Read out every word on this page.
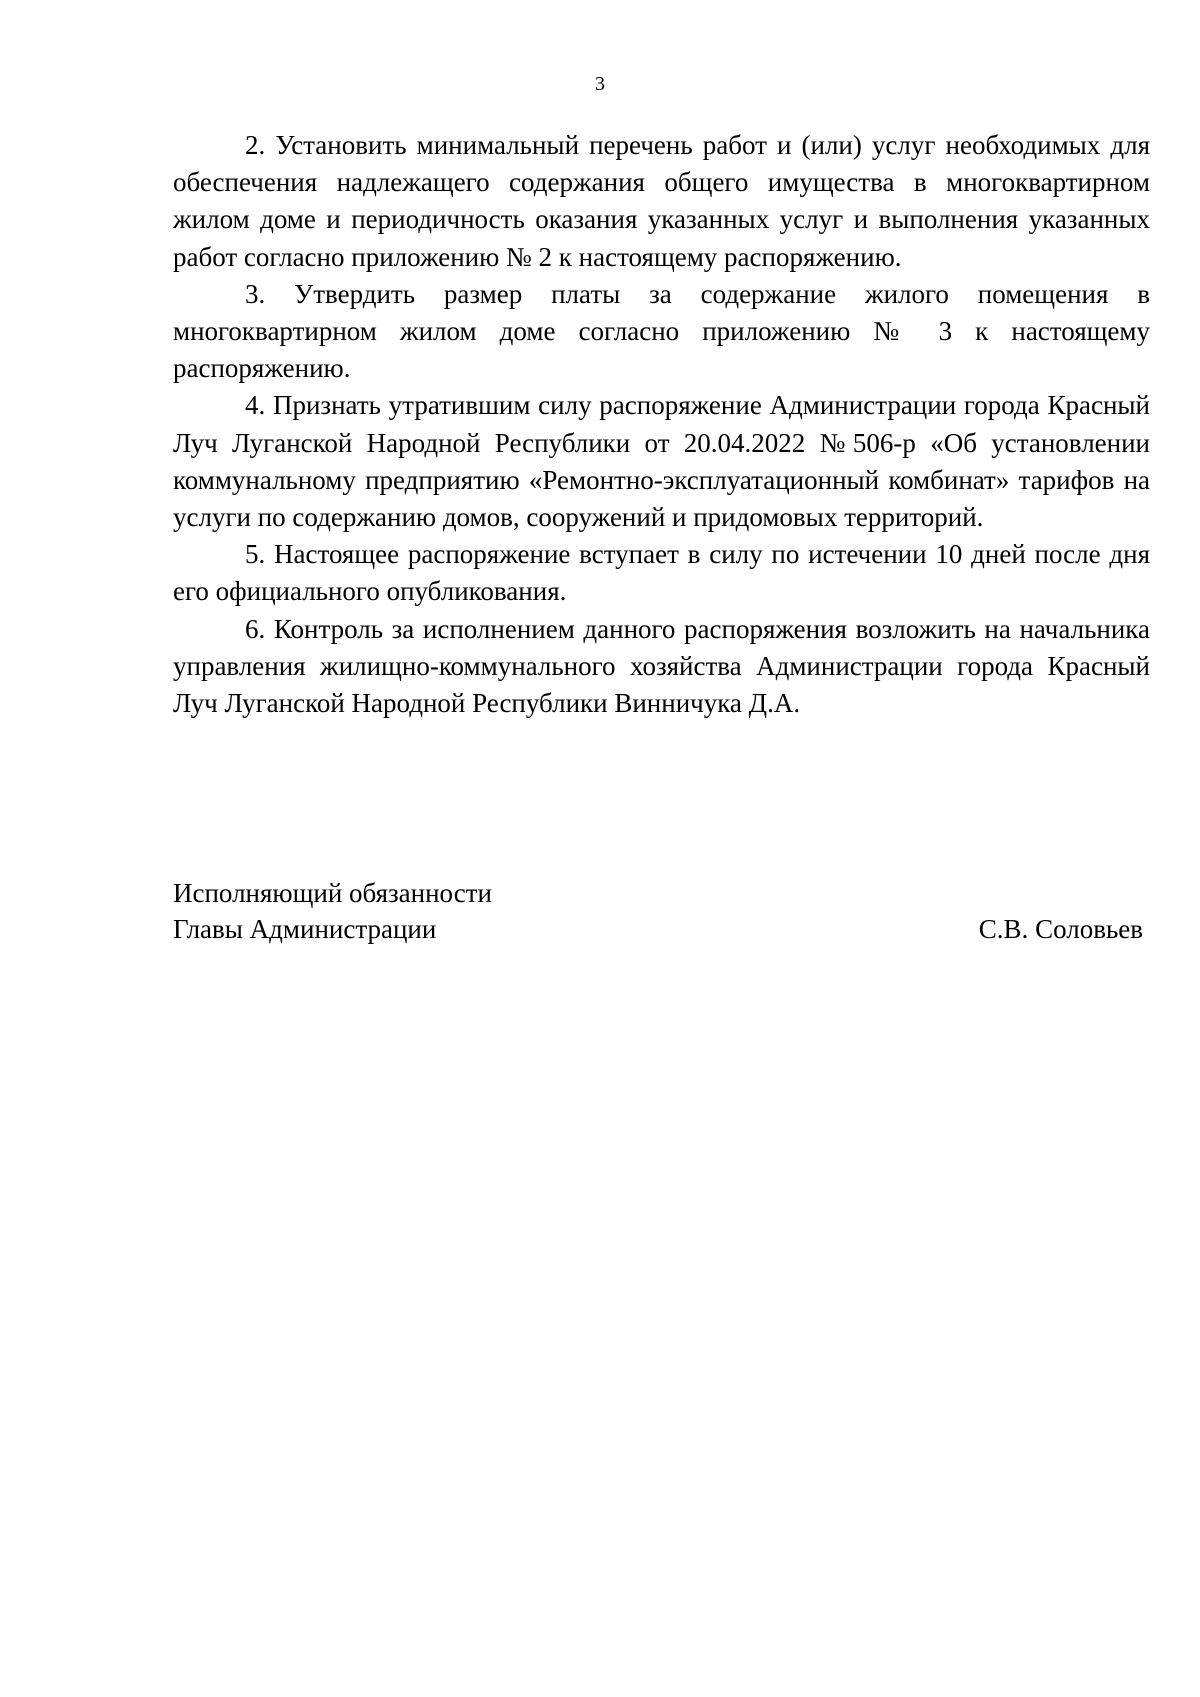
3

2. Установить минимальный перечень работ и (или) услуг необходимых для обеспечения надлежащего содержания общего имущества в многоквартирном жилом доме и периодичность оказания указанных услуг и выполнения указанных работ согласно приложению № 2 к настоящему распоряжению.

3. Утвердить размер платы за содержание жилого помещения в многоквартирном жилом доме согласно приложению № 3 к настоящему распоряжению.

4. Признать утратившим силу распоряжение Администрации города Красный Луч Луганской Народной Республики от 20.04.2022 №506-р «Об установлении коммунальному предприятию «Ремонтно-эксплуатационный комбинат» тарифов на услуги по содержанию домов, сооружений и придомовых территорий.

5. Настоящее распоряжение вступает в силу по истечении 10 дней после дня его официального опубликования.

6. Контроль за исполнением данного распоряжения возложить на начальника управления жилищно-коммунального хозяйства Администрации города Красный Луч Луганской Народной Республики Винничука Д.А.

Исполняющий обязанности
Главы Администрации	С.В. Соловьев
